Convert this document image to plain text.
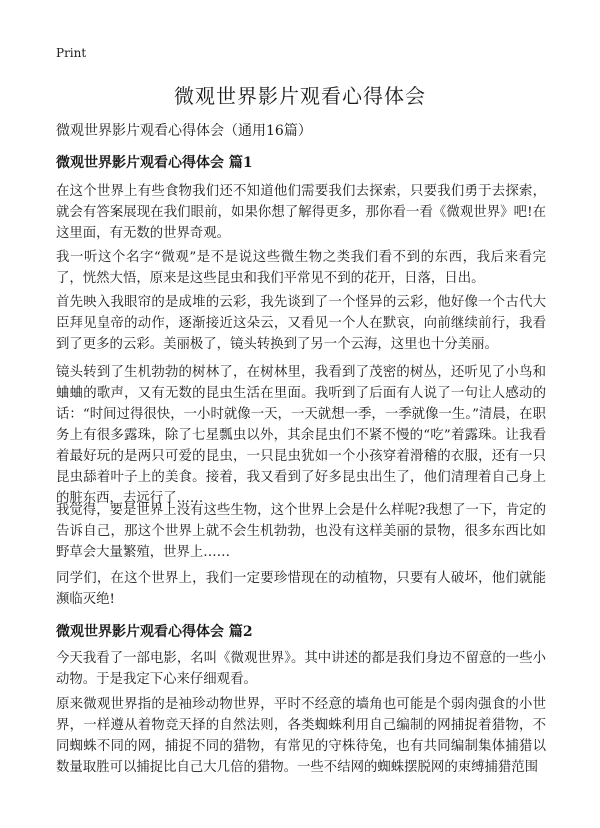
Print
微观世界影片观看心得体会

微观世界影片观看心得体会（通用16篇）

微观世界影片观看心得体会 篇1

在这个世界上有些食物我们还不知道他们需要我们去探索，只要我们勇于去探索，就会有答案展现在我们眼前，如果你想了解得更多，那你看一看《微观世界》吧!在这里面，有无数的世界奇观。

我一听这个名字“微观”是不是说这些微生物之类我们看不到的东西，我后来看完了，恍然大悟，原来是这些昆虫和我们平常见不到的花开，日落，日出。

首先映入我眼帘的是成堆的云彩，我先谈到了一个怪异的云彩，他好像一个古代大臣拜见皇帝的动作，逐渐接近这朵云，又看见一个人在默哀，向前继续前行，我看到了更多的云彩。美丽极了，镜头转换到了另一个云海，这里也十分美丽。

镜头转到了生机勃勃的树林了，在树林里，我看到了茂密的树丛，还听见了小鸟和蛐蛐的歌声，又有无数的昆虫生活在里面。我听到了后面有人说了一句让人感动的话：“时间过得很快，一小时就像一天，一天就想一季，一季就像一生。”清晨，在职务上有很多露珠，除了七星瓢虫以外，其余昆虫们不紧不慢的“吃”着露珠。让我看着最好玩的是两只可爱的昆虫，一只昆虫犹如一个小孩穿着滑稽的衣服，还有一只昆虫舔着叶子上的美食。接着，我又看到了好多昆虫出生了，他们清理着自己身上的脏东西，去远行了……

我觉得，要是世界上没有这些生物，这个世界上会是什么样呢?我想了一下，肯定的告诉自己，那这个世界上就不会生机勃勃，也没有这样美丽的景物，很多东西比如野草会大量繁殖，世界上……

同学们，在这个世界上，我们一定要珍惜现在的动植物，只要有人破坏，他们就能濒临灭绝!

微观世界影片观看心得体会 篇2

今天我看了一部电影，名叫《微观世界》。其中讲述的都是我们身边不留意的一些小动物。于是我定下心来仔细观看。

原来微观世界指的是袖珍动物世界，平时不经意的墙角也可能是个弱肉强食的小世界，一样遵从着物竞天择的自然法则，各类蜘蛛利用自己编制的网捕捉着猎物，不同蜘蛛不同的网，捕捉不同的猎物，有常见的守株待兔，也有共同编制集体捕猎以数量取胜可以捕捉比自己大几倍的猎物。一些不结网的蜘蛛摆脱网的束缚捕猎范围
